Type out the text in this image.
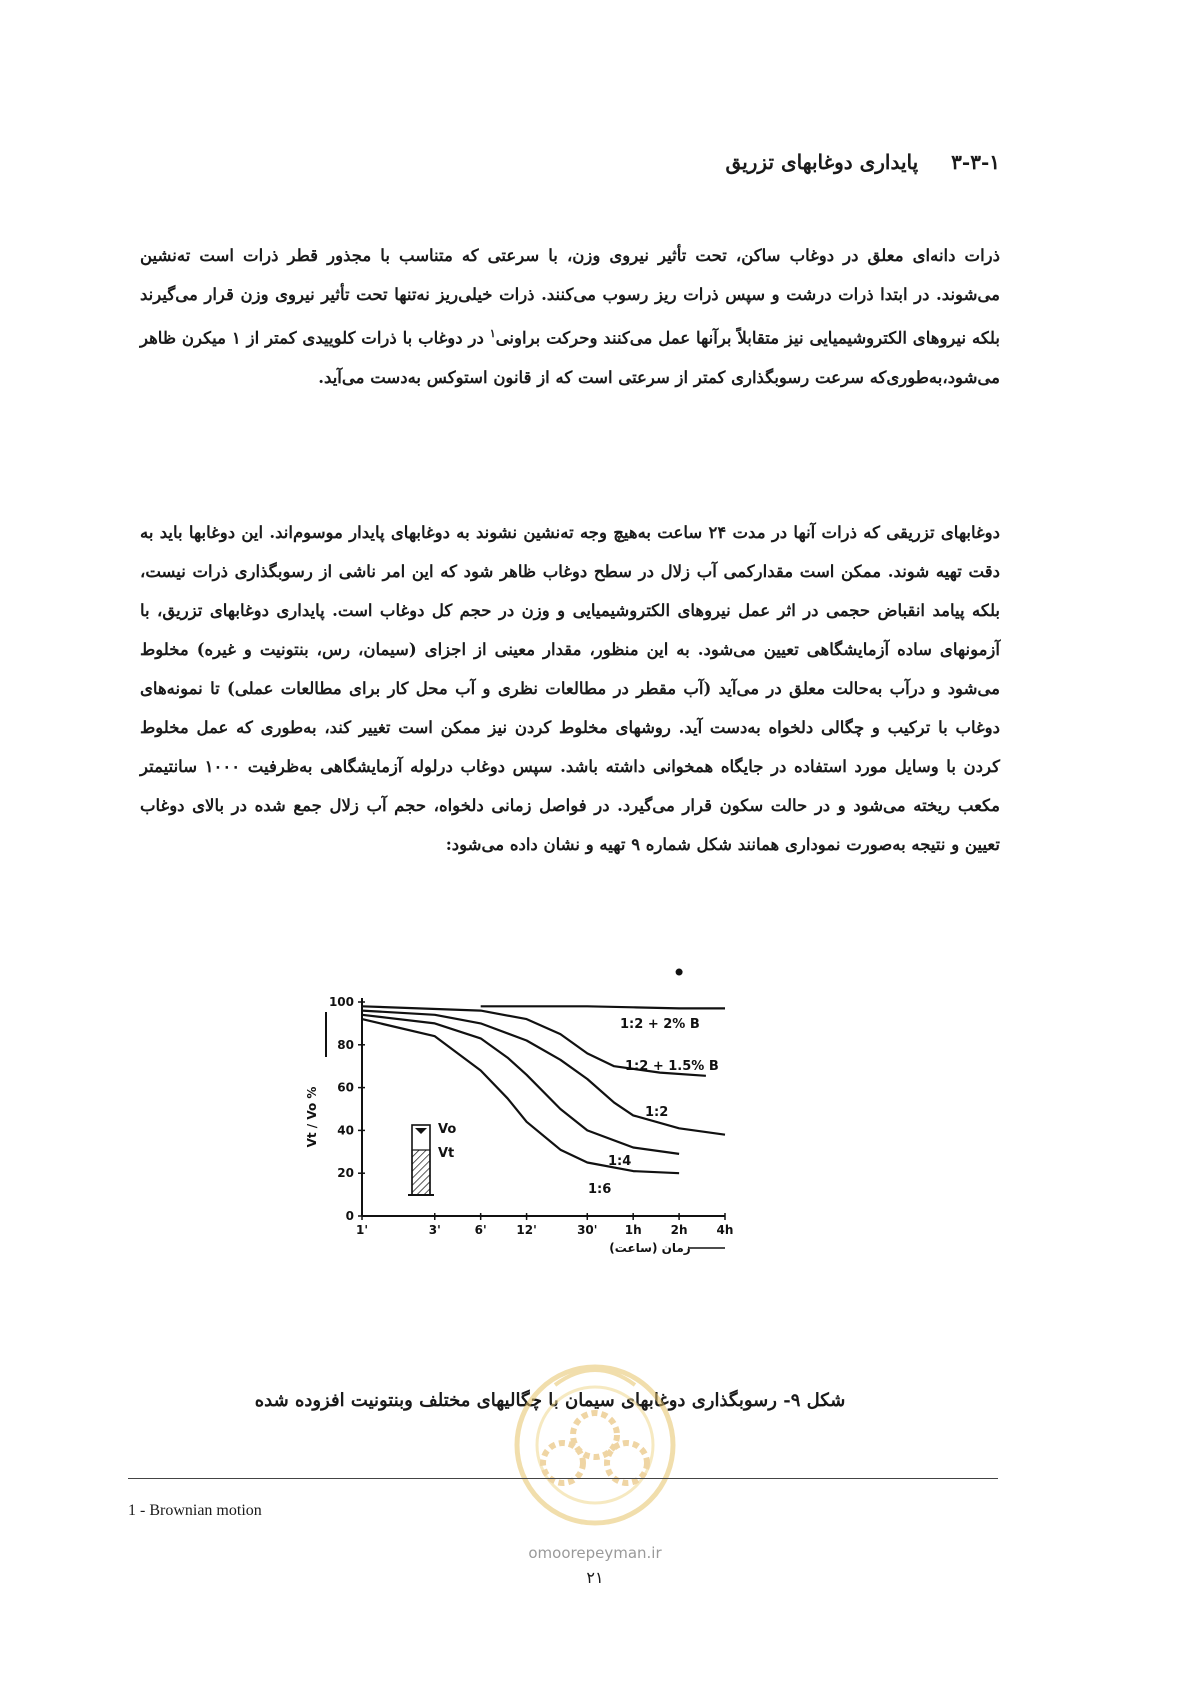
۳-۳-۱ پایداری دوغابهای تزریق

ذرات دانه‌ای معلق در دوغاب ساکن، تحت تأثیر نیروی وزن، با سرعتی که متناسب با مجذور قطر ذرات است ته‌نشین می‌شوند. در ابتدا ذرات درشت و سپس ذرات ریز رسوب می‌کنند. ذرات خیلی‌ریز نه‌تنها تحت تأثیر نیروی وزن قرار می‌گیرند بلکه نیروهای الکتروشیمیایی نیز متقابلاً برآنها عمل می‌کنند وحرکت براونی$^۱$ در دوغاب با ذرات کلوییدی کمتر از ۱ میکرن ظاهر می‌شود،به‌طوری‌که سرعت رسوبگذاری کمتر از سرعتی است که از قانون استوکس به‌دست می‌آید.

دوغابهای تزریقی که ذرات آنها در مدت ۲۴ ساعت به‌هیچ وجه ته‌نشین نشوند به دوغابهای پایدار موسوم‌اند. این دوغابها باید به دقت تهیه شوند. ممکن است مقدارکمی آب زلال در سطح دوغاب ظاهر شود که این امر ناشی از رسوبگذاری ذرات نیست، بلکه پیامد انقباض حجمی در اثر عمل نیروهای الکتروشیمیایی و وزن در حجم کل دوغاب است. پایداری دوغابهای تزریق، با آزمونهای ساده آزمایشگاهی تعیین می‌شود. به این منظور، مقدار معینی از اجزای (سیمان، رس، بنتونیت و غیره) مخلوط می‌شود و درآب به‌حالت معلق در می‌آید (آب مقطر در مطالعات نظری و آب محل کار برای مطالعات عملی) تا نمونه‌های دوغاب با ترکیب و چگالی دلخواه به‌دست آید. روشهای مخلوط کردن نیز ممکن است تغییر کند، به‌طوری که عمل مخلوط کردن با وسایل مورد استفاده در جایگاه همخوانی داشته باشد. سپس دوغاب درلوله آزمایشگاهی به‌ظرفیت ۱۰۰۰ سانتیمتر مکعب ریخته می‌شود و در حالت سکون قرار می‌گیرد. در فواصل زمانی دلخواه، حجم آب زلال جمع شده در بالای دوغاب تعیین و نتیجه به‌صورت نموداری همانند شکل شماره ۹ تهیه و نشان داده می‌شود:

0
20
40
60
80
100
1'	3'	6' 12'	30' 1h 2h 4h
زمان (ساعت)
Vt / Vo %
1:2 + 2% B
1:2 + 1.5% B
1:2
1:4
1:6
Vo
Vt
شکل ۹- رسوبگذاری دوغابهای سیمان با چگالیهای مختلف وبنتونیت افزوده شده
omoorepeyman.ir
1 - Brownian motion
۲۱
